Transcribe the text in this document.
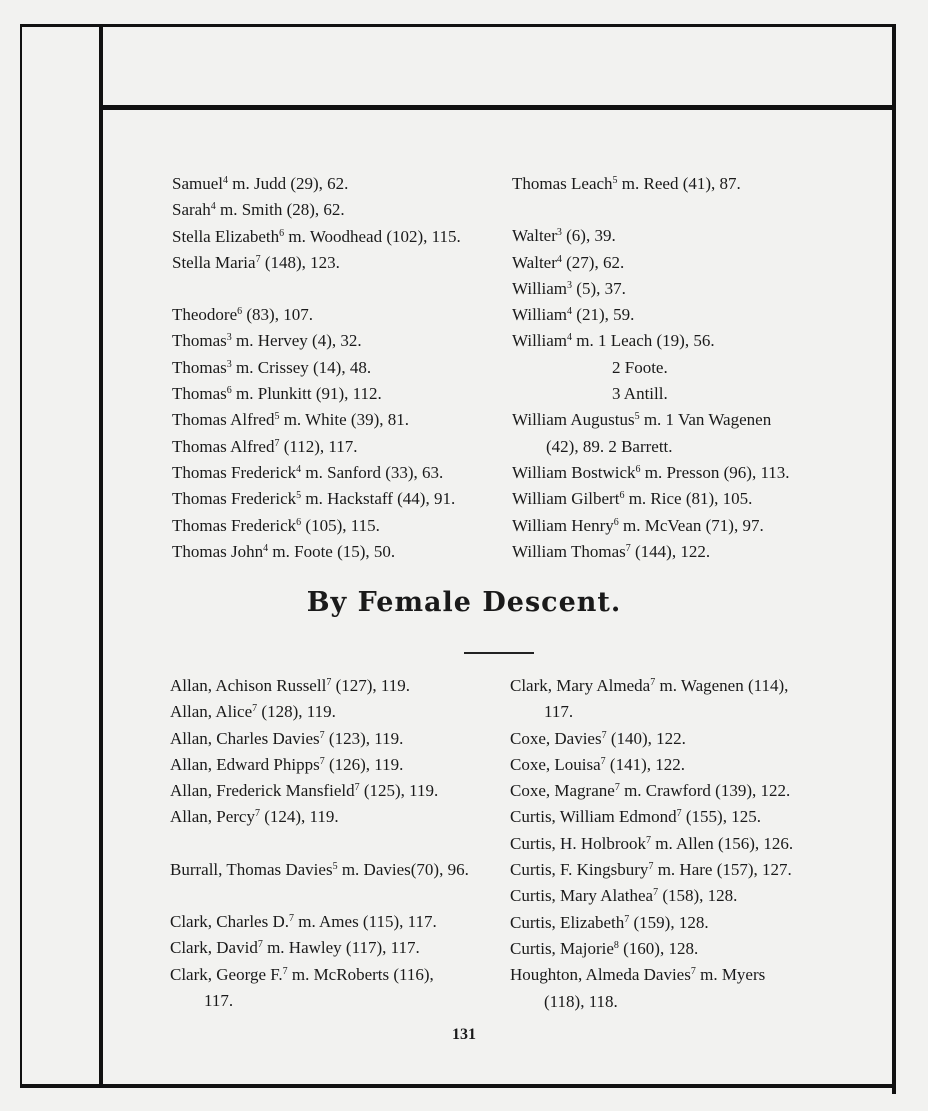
Samuel$^4$ m. Judd (29), 62.
Sarah$^4$ m. Smith (28), 62.
Stella Elizabeth$^6$ m. Woodhead (102), 115.
Stella Maria$^7$ (148), 123.
Theodore$^6$ (83), 107.
Thomas$^3$ m. Hervey (4), 32.
Thomas$^3$ m. Crissey (14), 48.
Thomas$^6$ m. Plunkitt (91), 112.
Thomas Alfred$^5$ m. White (39), 81.
Thomas Alfred$^7$ (112), 117.
Thomas Frederick$^4$ m. Sanford (33), 63.
Thomas Frederick$^5$ m. Hackstaff (44), 91.
Thomas Frederick$^6$ (105), 115.
Thomas John$^4$ m. Foote (15), 50.
Thomas Leach$^5$ m. Reed (41), 87.
Walter$^3$ (6), 39.
Walter$^4$ (27), 62.
William$^3$ (5), 37.
William$^4$ (21), 59.
William$^4$ m. 1 Leach (19), 56.
2 Foote.
3 Antill.
William Augustus$^5$ m. 1 Van Wagenen
(42), 89. 2 Barrett.
William Bostwick$^6$ m. Presson (96), 113.
William Gilbert$^6$ m. Rice (81), 105.
William Henry$^6$ m. McVean (71), 97.
William Thomas$^7$ (144), 122.
By Female Descent.
Allan, Achison Russell$^7$ (127), 119.
Allan, Alice$^7$ (128), 119.
Allan, Charles Davies$^7$ (123), 119.
Allan, Edward Phipps$^7$ (126), 119.
Allan, Frederick Mansfield$^7$ (125), 119.
Allan, Percy$^7$ (124), 119.
Burrall, Thomas Davies$^5$ m. Davies(70), 96.
Clark, Charles D.$^7$ m. Ames (115), 117.
Clark, David$^7$ m. Hawley (117), 117.
Clark, George F.$^7$ m. McRoberts (116),
117.
Clark, Mary Almeda$^7$ m. Wagenen (114),
117.
Coxe, Davies$^7$ (140), 122.
Coxe, Louisa$^7$ (141), 122.
Coxe, Magrane$^7$ m. Crawford (139), 122.
Curtis, William Edmond$^7$ (155), 125.
Curtis, H. Holbrook$^7$ m. Allen (156), 126.
Curtis, F. Kingsbury$^7$ m. Hare (157), 127.
Curtis, Mary Alathea$^7$ (158), 128.
Curtis, Elizabeth$^7$ (159), 128.
Curtis, Majorie$^8$ (160), 128.
Houghton, Almeda Davies$^7$ m. Myers
(118), 118.
131
